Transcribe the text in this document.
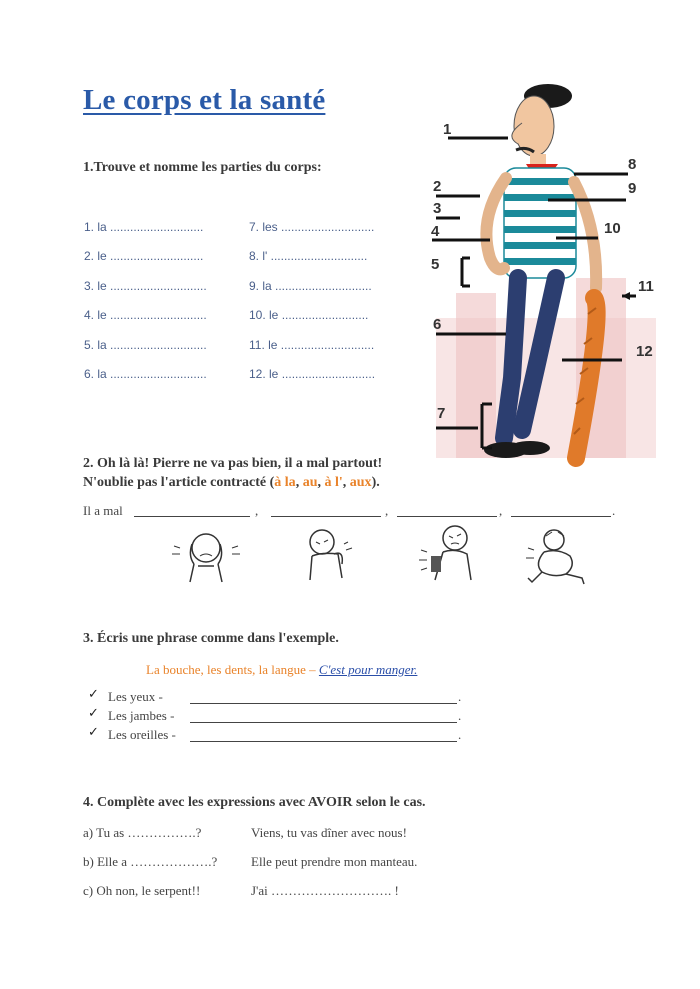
Le corps et la santé
1.Trouve et nomme les parties du corps:
1. la ............................
2. le ............................
3. le .............................
4. le .............................
5. la .............................
6. la .............................
7. les ............................
8. l' .............................
9. la .............................
10. le ..........................
11. le ............................
12. le ............................
1
2
3
4
5
6
7
8
9
10
11
12
2. Oh là là! Pierre ne va pas bien, il a mal partout!
N'oublie pas l'article contracté (à la, au, à l', aux).
Il a mal	,	,	,	.
3. Écris une phrase comme dans l'exemple.
La bouche, les dents, la langue – C'est pour manger.
✓ Les yeux -	.
✓ Les jambes -	.
✓ Les oreilles -	.
4. Complète avec les expressions avec AVOIR selon le cas.
a) Tu as …………….?	Viens, tu vas dîner avec nous!
b) Elle a ……………….?	Elle peut prendre mon manteau.
c) Oh non, le serpent!!	J'ai ………………………. !
